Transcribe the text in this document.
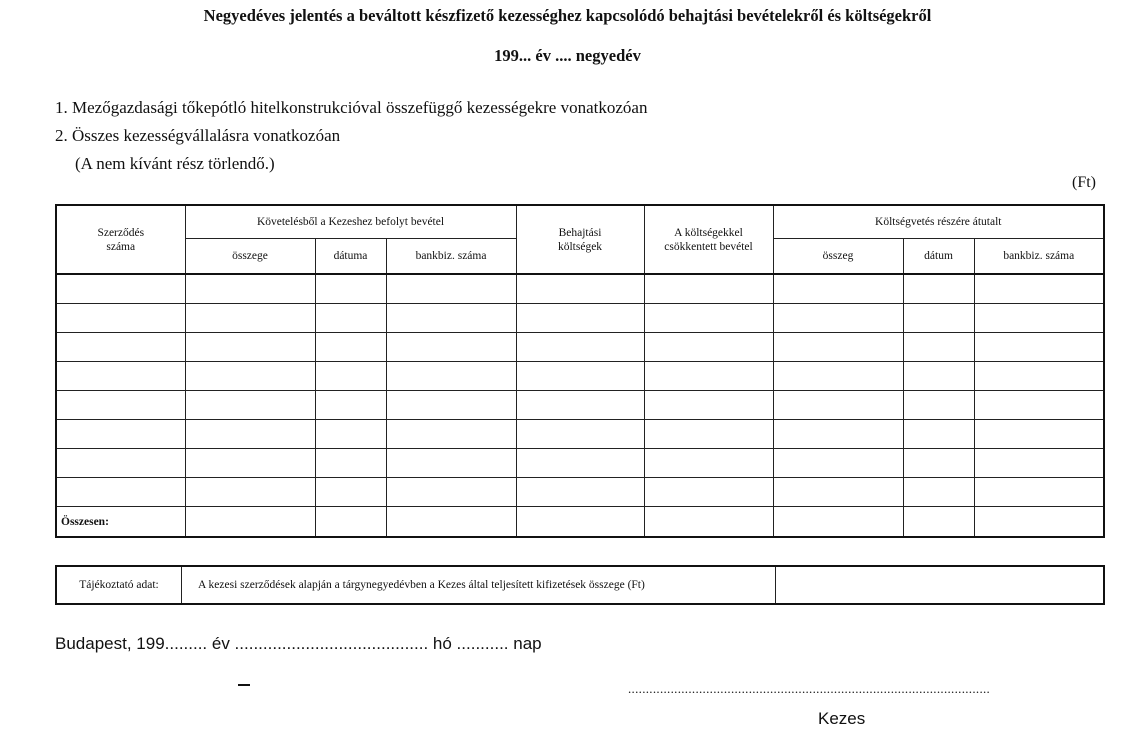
Negyedéves jelentés a beváltott készfizető kezességhez kapcsolódó behajtási bevételekről és költségekről
199... év .... negyedév
1. Mezőgazdasági tőkepótló hitelkonstrukcióval összefüggő kezességekre vonatkozóan
2. Összes kezességvállalásra vonatkozóan
(A nem kívánt rész törlendő.)
(Ft)
Szerződés száma	Követelésből a Kezeshez befolyt bevétel			Behajtási költségek	A költségekkel csökkentett bevétel	Költségvetés részére átutalt		
	összege	dátuma	bankbiz. száma			összeg	dátum	bankbiz. száma

Összesen:								
Tájékoztató adat:	A kezesi szerződések alapján a tárgynegyedévben a Kezes által teljesített kifizetések összege (Ft)
Budapest, 199......... év ......................................... hó ........... nap
......................................................................................................
Kezes
